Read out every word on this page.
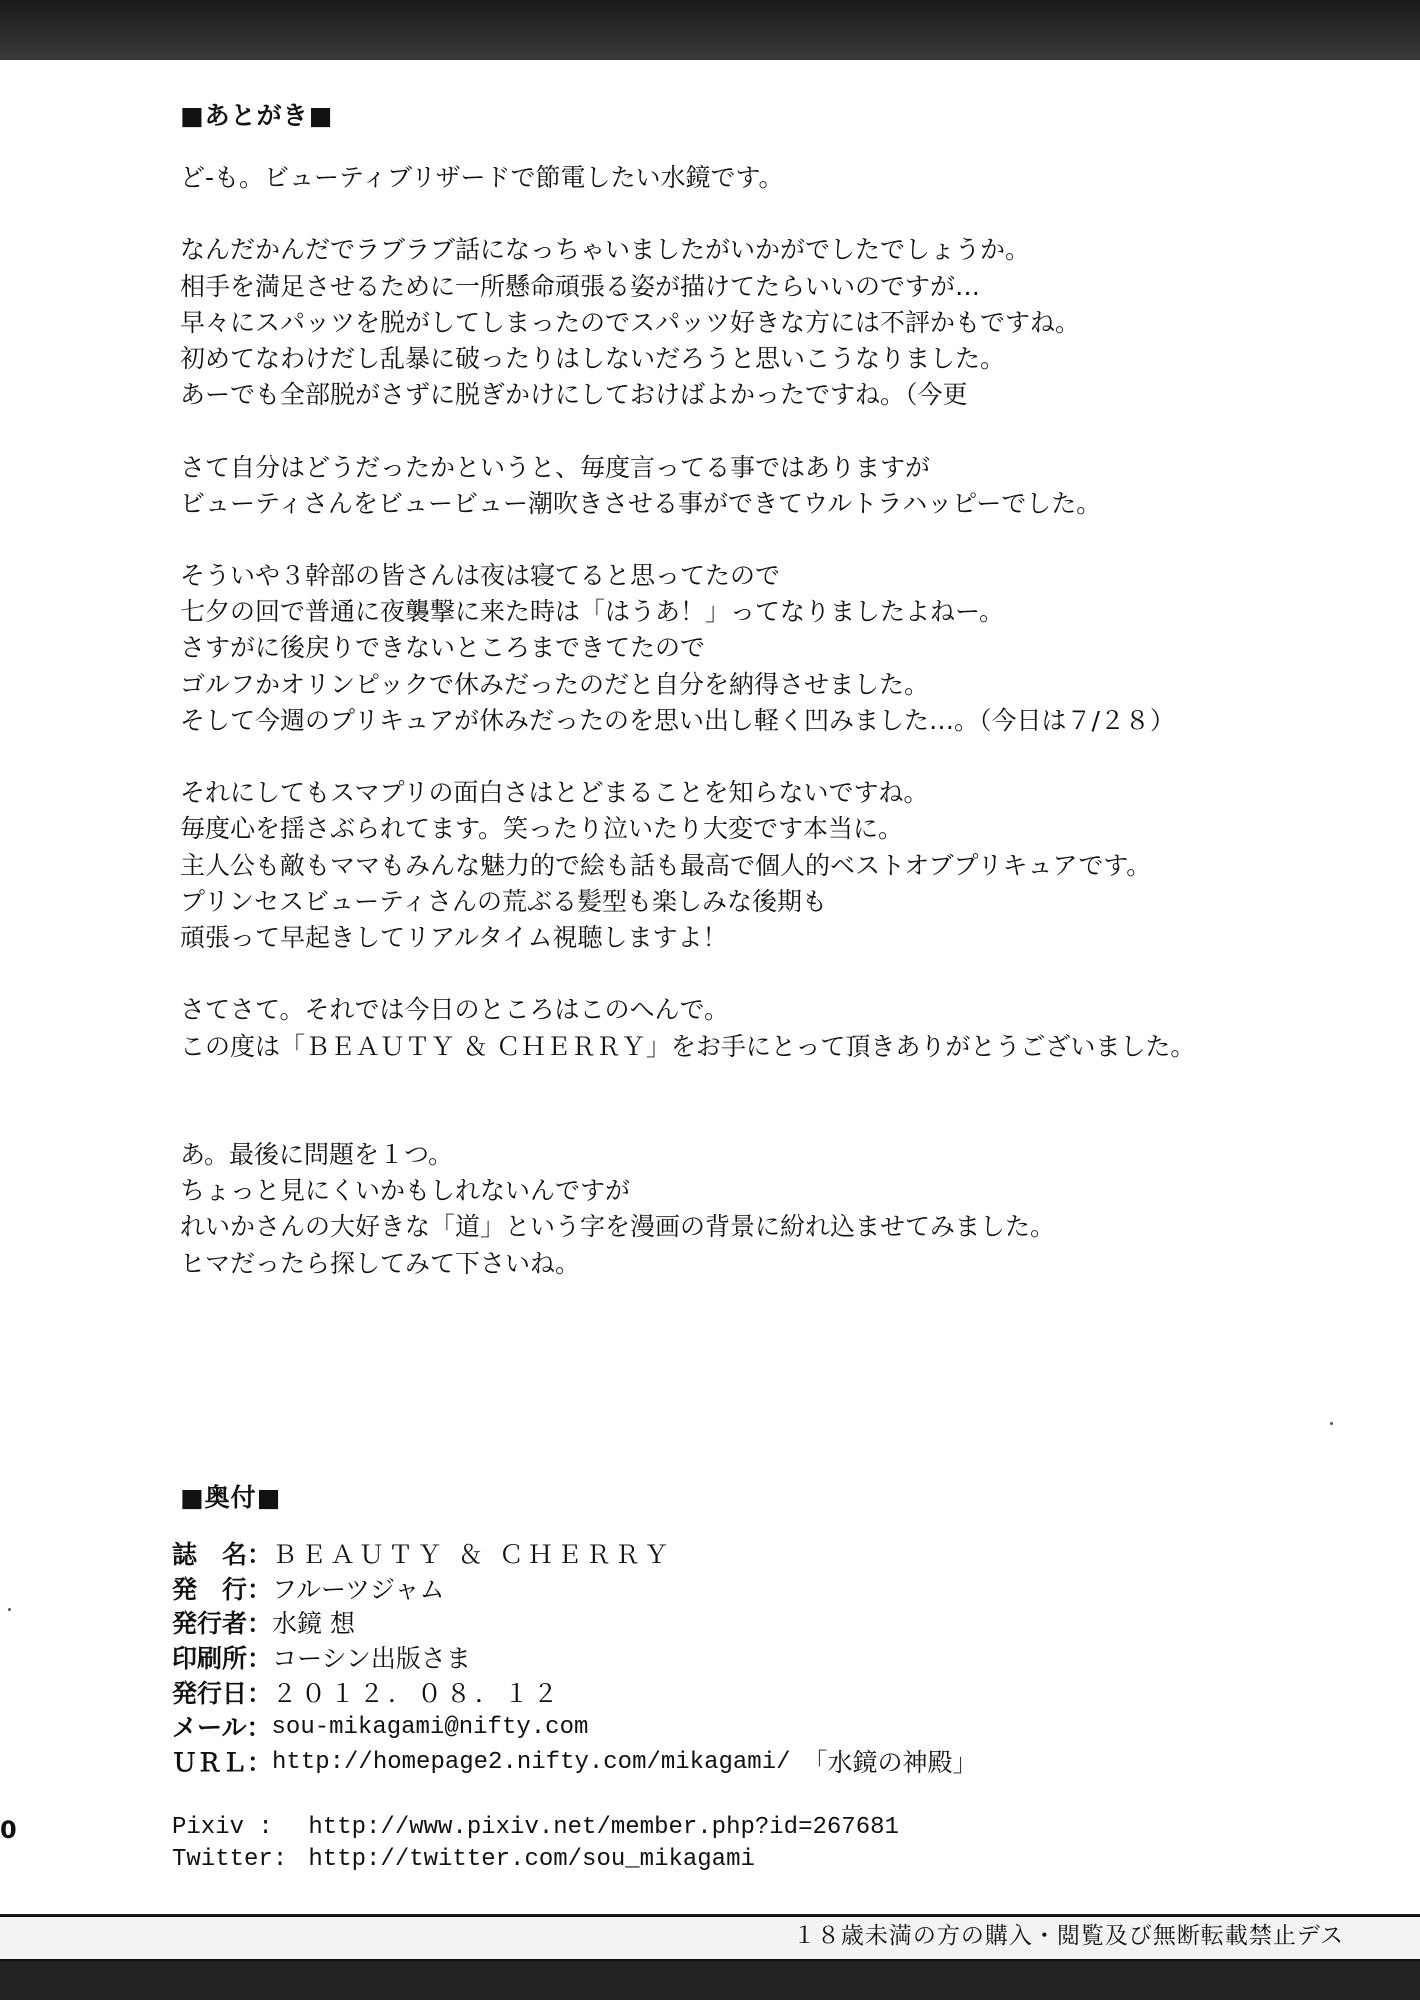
■あとがき■
ど-も。ビューティブリザードで節電したい水鏡です。
なんだかんだでラブラブ話になっちゃいましたがいかがでしたでしょうか。
相手を満足させるために一所懸命頑張る姿が描けてたらいいのですが…
早々にスパッツを脱がしてしまったのでスパッツ好きな方には不評かもですね。
初めてなわけだし乱暴に破ったりはしないだろうと思いこうなりました。
あーでも全部脱がさずに脱ぎかけにしておけばよかったですね。（今更
さて自分はどうだったかというと、毎度言ってる事ではありますが
ビューティさんをビュービュー潮吹きさせる事ができてウルトラハッピーでした。
そういや３幹部の皆さんは夜は寝てると思ってたので
七夕の回で普通に夜襲撃に来た時は「はうあ！」ってなりましたよねー。
さすがに後戻りできないところまできてたので
ゴルフかオリンピックで休みだったのだと自分を納得させました。
そして今週のプリキュアが休みだったのを思い出し軽く凹みました…。（今日は７/２８）
それにしてもスマプリの面白さはとどまることを知らないですね。
毎度心を揺さぶられてます。笑ったり泣いたり大変です本当に。
主人公も敵もママもみんな魅力的で絵も話も最高で個人的ベストオブプリキュアです。
プリンセスビューティさんの荒ぶる髪型も楽しみな後期も
頑張って早起きしてリアルタイム視聴しますよ！
さてさて。それでは今日のところはこのへんで。
この度は「ＢＥＡＵＴＹ ＆ ＣＨＥＲＲＹ」をお手にとって頂きありがとうございました。
あ。最後に問題を１つ。
ちょっと見にくいかもしれないんですが
れいかさんの大好きな「道」という字を漫画の背景に紛れ込ませてみました。
ヒマだったら探してみて下さいね。
■奥付■
誌　名： ＢＥＡＵＴＹ ＆ ＣＨＥＲＲＹ
発　行： フルーツジャム
発行者： 水鏡 想
印刷所： コーシン出版さま
発行日： ２０１２．０８．１２
メール： sou-mikagami@nifty.com
ＵＲＬ： http://homepage2.nifty.com/mikagami/ 「水鏡の神殿」
0	Pixiv : http://www.pixiv.net/member.php?id=267681
Twitter: http://twitter.com/sou_mikagami
１８歳未満の方の購入・閲覧及び無断転載禁止デス
